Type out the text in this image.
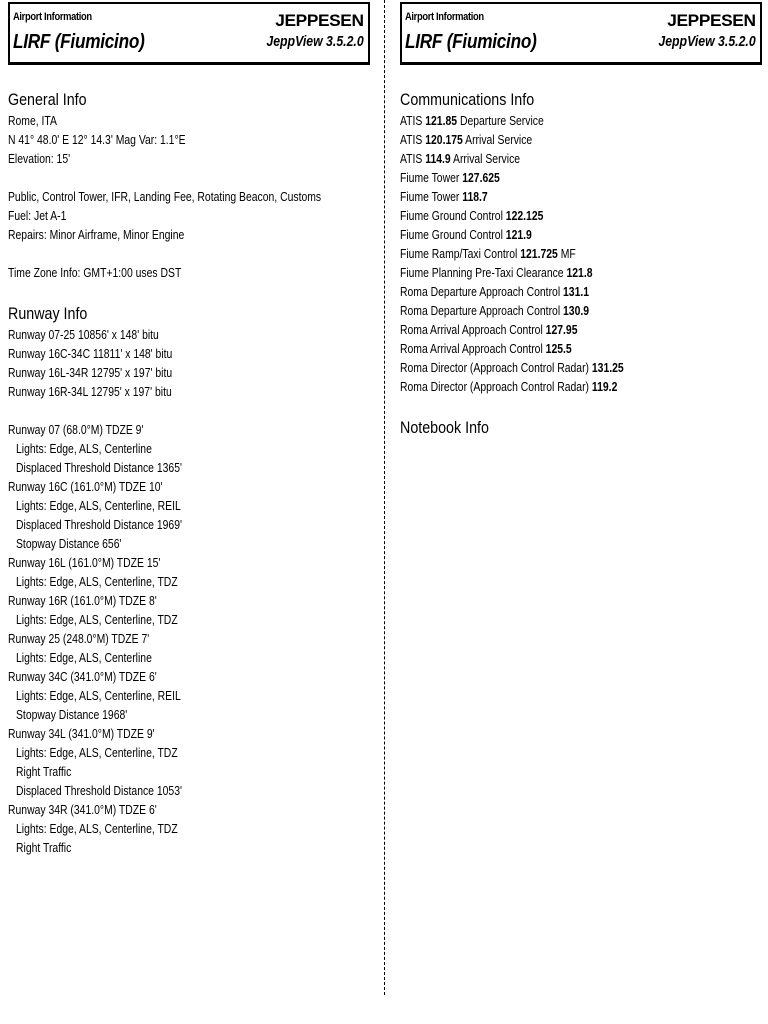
Airport Information
LIRF (Fiumicino)
JEPPESEN
JeppView 3.5.2.0
General Info
Rome, ITA
N 41° 48.0' E 12° 14.3' Mag Var: 1.1°E
Elevation: 15'
Public, Control Tower, IFR, Landing Fee, Rotating Beacon, Customs
Fuel: Jet A-1
Repairs: Minor Airframe, Minor Engine
Time Zone Info: GMT+1:00 uses DST
Runway Info
Runway 07-25 10856' x 148' bitu
Runway 16C-34C 11811' x 148' bitu
Runway 16L-34R 12795' x 197' bitu
Runway 16R-34L 12795' x 197' bitu
Runway 07 (68.0°M) TDZE 9'
Lights: Edge, ALS, Centerline
Displaced Threshold Distance 1365'
Runway 16C (161.0°M) TDZE 10'
Lights: Edge, ALS, Centerline, REIL
Displaced Threshold Distance 1969'
Stopway Distance 656'
Runway 16L (161.0°M) TDZE 15'
Lights: Edge, ALS, Centerline, TDZ
Runway 16R (161.0°M) TDZE 8'
Lights: Edge, ALS, Centerline, TDZ
Runway 25 (248.0°M) TDZE 7'
Lights: Edge, ALS, Centerline
Runway 34C (341.0°M) TDZE 6'
Lights: Edge, ALS, Centerline, REIL
Stopway Distance 1968'
Runway 34L (341.0°M) TDZE 9'
Lights: Edge, ALS, Centerline, TDZ
Right Traffic
Displaced Threshold Distance 1053'
Runway 34R (341.0°M) TDZE 6'
Lights: Edge, ALS, Centerline, TDZ
Right Traffic
Airport Information
LIRF (Fiumicino)
JEPPESEN
JeppView 3.5.2.0
Communications Info
ATIS 121.85 Departure Service
ATIS 120.175 Arrival Service
ATIS 114.9 Arrival Service
Fiume Tower 127.625
Fiume Tower 118.7
Fiume Ground Control 122.125
Fiume Ground Control 121.9
Fiume Ramp/Taxi Control 121.725 MF
Fiume Planning Pre-Taxi Clearance 121.8
Roma Departure Approach Control 131.1
Roma Departure Approach Control 130.9
Roma Arrival Approach Control 127.95
Roma Arrival Approach Control 125.5
Roma Director (Approach Control Radar) 131.25
Roma Director (Approach Control Radar) 119.2
Notebook Info
